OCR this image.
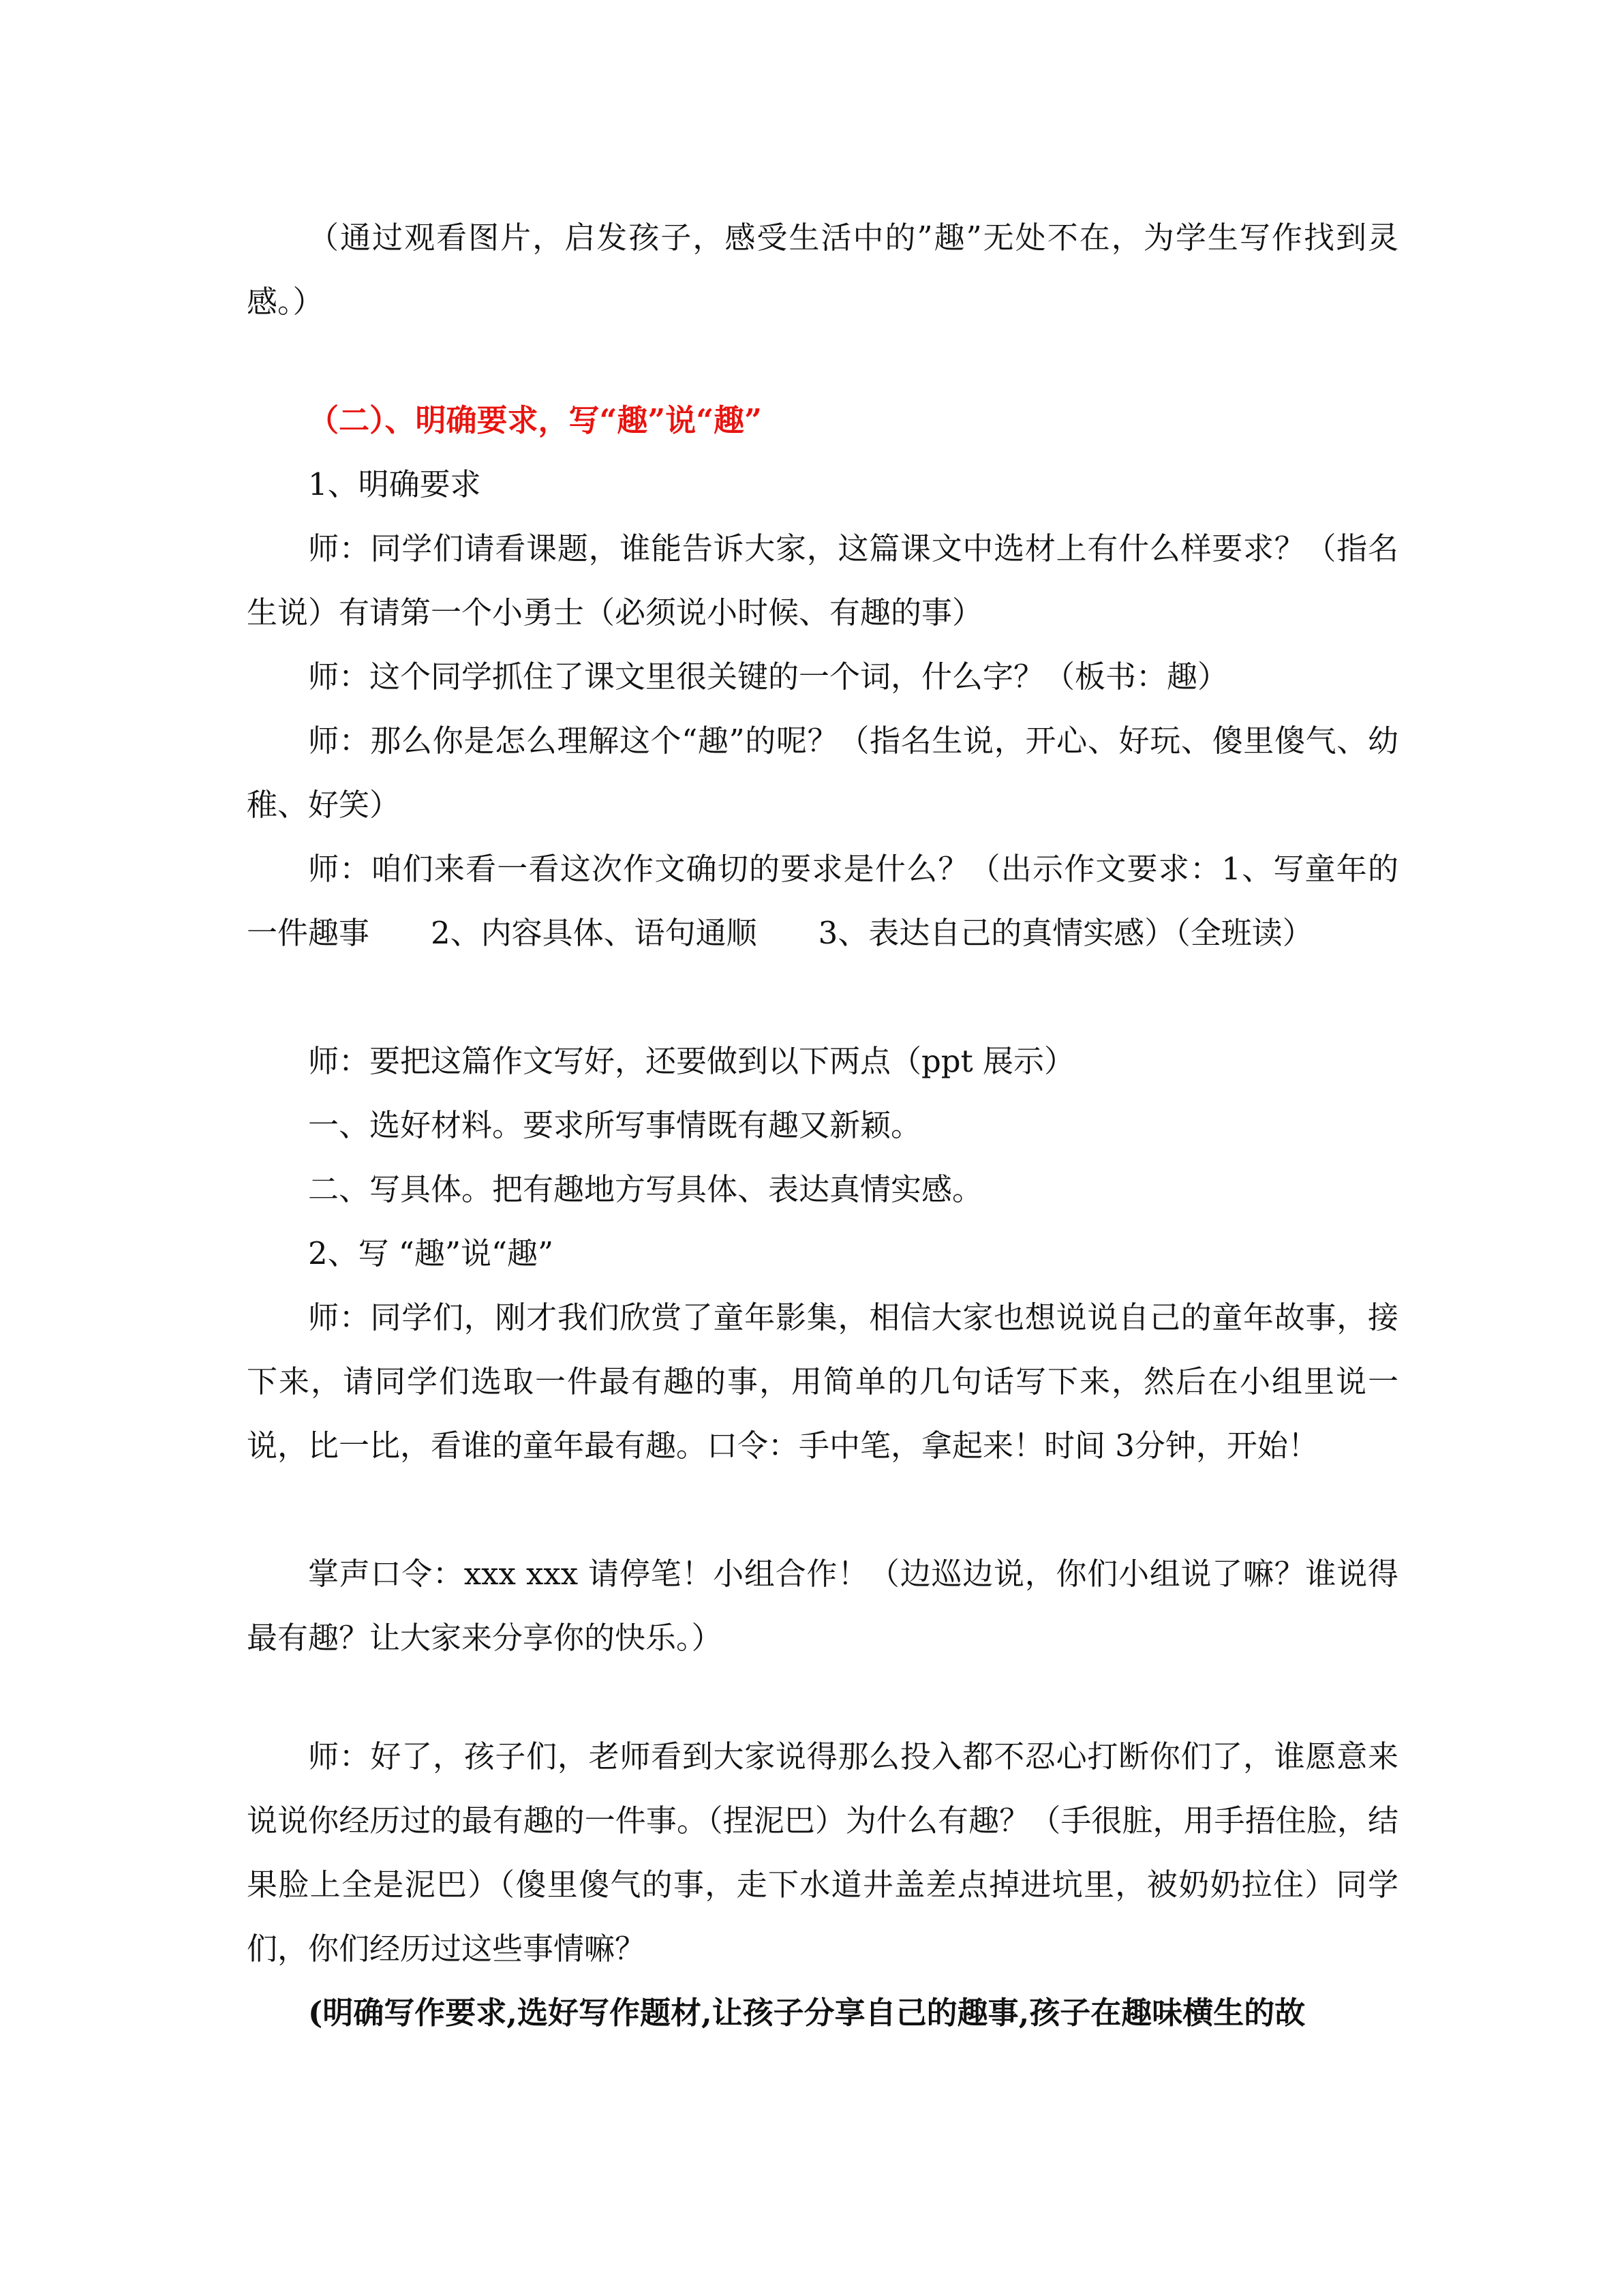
（通过观看图片，启发孩子，感受生活中的”趣”无处不在，为学生写作找到灵感。）

（二）、明确要求，写“趣”说“趣”

1、明确要求

师：同学们请看课题，谁能告诉大家，这篇课文中选材上有什么样要求？（指名生说）有请第一个小勇士（必须说小时候、有趣的事）

师：这个同学抓住了课文里很关键的一个词，什么字？（板书：趣）

师：那么你是怎么理解这个“趣”的呢？（指名生说，开心、好玩、傻里傻气、幼稚、好笑）

师：咱们来看一看这次作文确切的要求是什么？（出示作文要求：1、写童年的一件趣事　　2、内容具体、语句通顺　　3、表达自己的真情实感）（全班读）

师：要把这篇作文写好，还要做到以下两点（ppt 展示）

一、选好材料。要求所写事情既有趣又新颖。

二、写具体。把有趣地方写具体、表达真情实感。

2、写 “趣”说“趣”

师：同学们，刚才我们欣赏了童年影集，相信大家也想说说自己的童年故事，接下来，请同学们选取一件最有趣的事，用简单的几句话写下来，然后在小组里说一说，比一比，看谁的童年最有趣。口令：手中笔，拿起来！时间 3分钟，开始！

掌声口令：xxx xxx 请停笔！小组合作！（边巡边说，你们小组说了嘛？谁说得最有趣？让大家来分享你的快乐。）

师：好了，孩子们，老师看到大家说得那么投入都不忍心打断你们了，谁愿意来说说你经历过的最有趣的一件事。（捏泥巴）为什么有趣？（手很脏，用手捂住脸，结果脸上全是泥巴）（傻里傻气的事，走下水道井盖差点掉进坑里，被奶奶拉住）同学们，你们经历过这些事情嘛？

(明确写作要求,选好写作题材,让孩子分享自己的趣事,孩子在趣味横生的故
